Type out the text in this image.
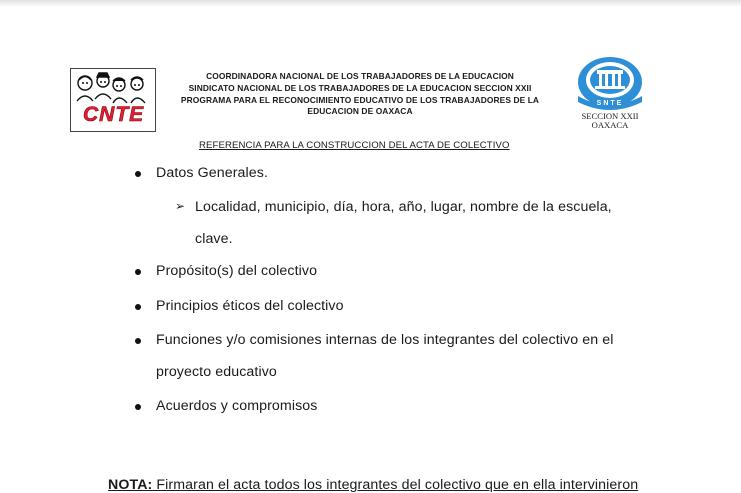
CNTE
COORDINADORA NACIONAL DE LOS TRABAJADORES DE LA EDUCACION
SINDICATO NACIONAL DE LOS TRABAJADORES DE LA EDUCACION SECCION XXII
PROGRAMA PARA EL RECONOCIMIENTO EDUCATIVO DE LOS TRABAJADORES DE LA
EDUCACION DE OAXACA
SNTE
SECCION XXII
OAXACA
REFERENCIA PARA LA CONSTRUCCION DEL ACTA DE COLECTIVO
Datos Generales.
➢ Localidad, municipio, día, hora, año, lugar, nombre de la escuela,
clave.
Propósito(s) del colectivo
Principios éticos del colectivo
Funciones y/o comisiones internas de los integrantes del colectivo en el
proyecto educativo
Acuerdos y compromisos
NOTA: Firmaran el acta todos los integrantes del colectivo que en ella intervinieron
